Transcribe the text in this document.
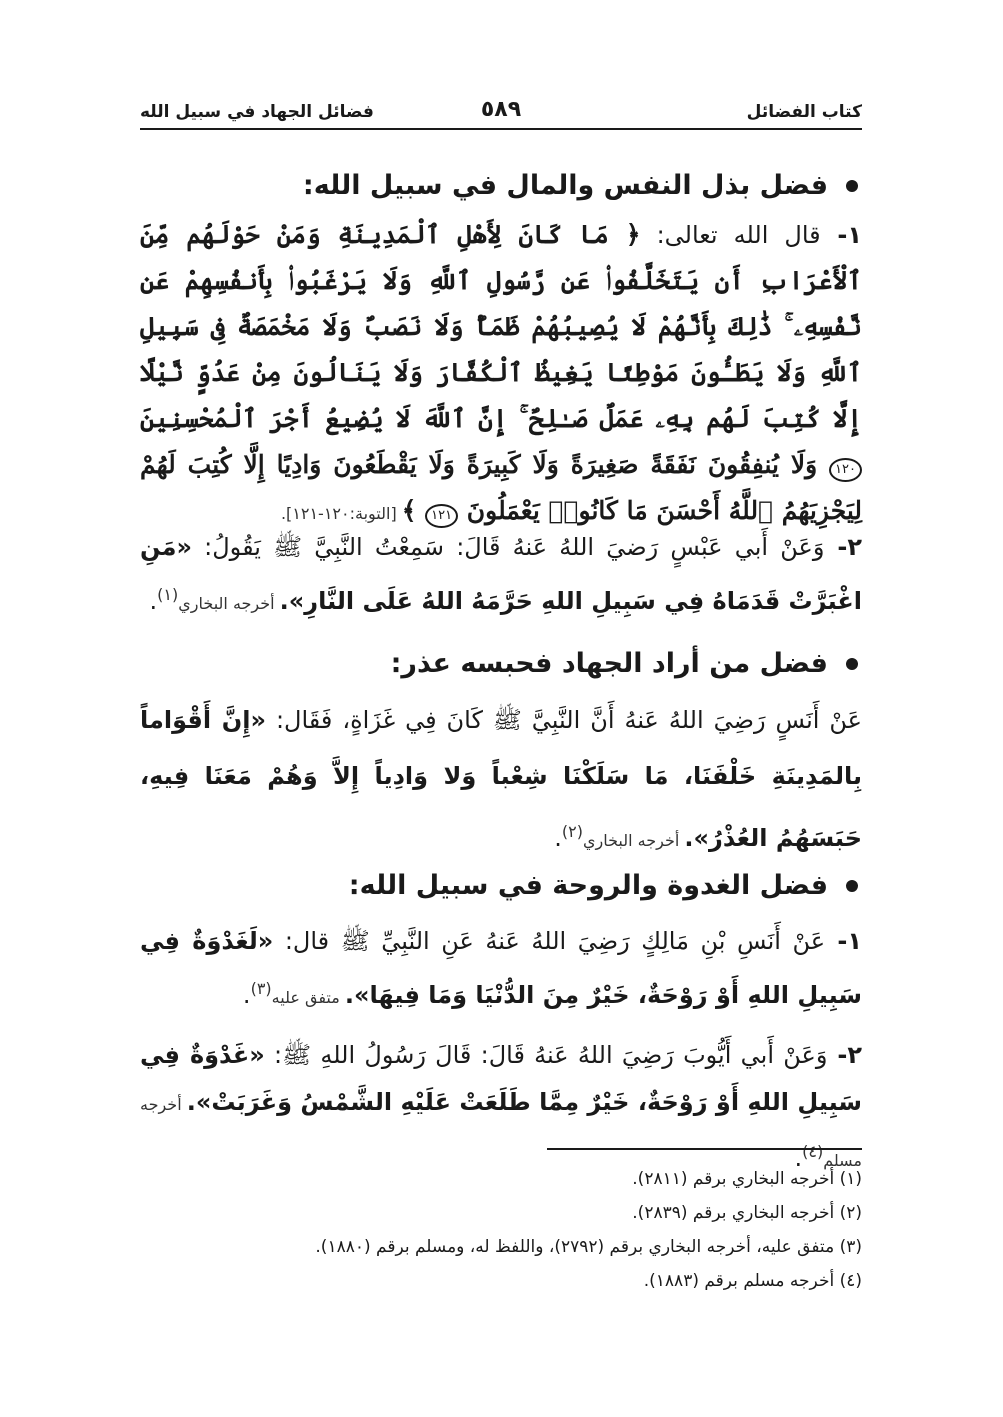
كتاب الفضائل
٥٨٩
فضائل الجهاد في سبيل الله
فضل بذل النفس والمال في سبيل الله:

١- قال الله تعالى: ﴿ مَا كَانَ لِأَهْلِ ٱلْمَدِينَةِ وَمَنْ حَوْلَهُم مِّنَ ٱلْأَعْرَابِ أَن يَتَخَلَّفُوا۟ عَن رَّسُولِ ٱللَّهِ وَلَا يَرْغَبُوا۟ بِأَنفُسِهِمْ عَن نَّفْسِهِۦ ۚ ذَٰلِكَ بِأَنَّهُمْ لَا يُصِيبُهُمْ ظَمَأٌ وَلَا نَصَبٌ وَلَا مَخْمَصَةٌ فِى سَبِيلِ ٱللَّهِ وَلَا يَطَـُٔونَ مَوْطِئًا يَغِيظُ ٱلْكُفَّارَ وَلَا يَنَالُونَ مِنْ عَدُوٍّ نَّيْلًا إِلَّا كُتِبَ لَهُم بِهِۦ عَمَلٌ صَـٰلِحٌ ۚ إِنَّ ٱللَّهَ لَا يُضِيعُ أَجْرَ ٱلْمُحْسِنِينَ ١٢٠ وَلَا يُنفِقُونَ نَفَقَةً صَغِيرَةً وَلَا كَبِيرَةً وَلَا يَقْطَعُونَ وَادِيًا إِلَّا كُتِبَ لَهُمْ لِيَجْزِيَهُمُ ٱللَّهُ أَحْسَنَ مَا كَانُوا۟ يَعْمَلُونَ ١٢١ ﴾ [التوبة:١٢٠-١٢١].

٢- وَعَنْ أَبي عَبْسٍ رَضيَ اللهُ عَنهُ قَالَ: سَمِعْتُ النَّبِيَّ ﷺ يَقُولُ: «مَنِ اغْبَرَّتْ قَدَمَاهُ فِي سَبِيلِ اللهِ حَرَّمَهُ اللهُ عَلَى النَّارِ». أخرجه البخاري$^{(١)}$.

فضل من أراد الجهاد فحبسه عذر:

عَنْ أَنَسٍ رَضِيَ اللهُ عَنهُ أَنَّ النَّبِيَّ ﷺ كَانَ فِي غَزَاةٍ، فَقَال: «إِنَّ أَقْوَاماً بِالمَدِينَةِ خَلْفَنَا، مَا سَلَكْنَا شِعْباً وَلا وَادِياً إِلاَّ وَهُمْ مَعَنَا فِيهِ، حَبَسَهُمُ العُذْرُ». أخرجه البخاري$^{(٢)}$.

فضل الغدوة والروحة في سبيل الله:

١- عَنْ أَنَسِ بْنِ مَالِكٍ رَضِيَ اللهُ عَنهُ عَنِ النَّبِيِّ ﷺ قال: «لَغَدْوَةٌ فِي سَبِيلِ اللهِ أَوْ رَوْحَةٌ، خَيْرٌ مِنَ الدُّنْيَا وَمَا فِيهَا». متفق عليه$^{(٣)}$.

٢- وَعَنْ أَبي أَيُّوبَ رَضِيَ اللهُ عَنهُ قَالَ: قَالَ رَسُولُ اللهِ ﷺ: «غَدْوَةٌ فِي سَبِيلِ اللهِ أَوْ رَوْحَةٌ، خَيْرٌ مِمَّا طَلَعَتْ عَلَيْهِ الشَّمْسُ وَغَرَبَتْ». أخرجه مسلم$^{(٤)}$.

(١) أخرجه البخاري برقم (٢٨١١).
(٢) أخرجه البخاري برقم (٢٨٣٩).
(٣) متفق عليه، أخرجه البخاري برقم (٢٧٩٢)، واللفظ له، ومسلم برقم (١٨٨٠).
(٤) أخرجه مسلم برقم (١٨٨٣).
